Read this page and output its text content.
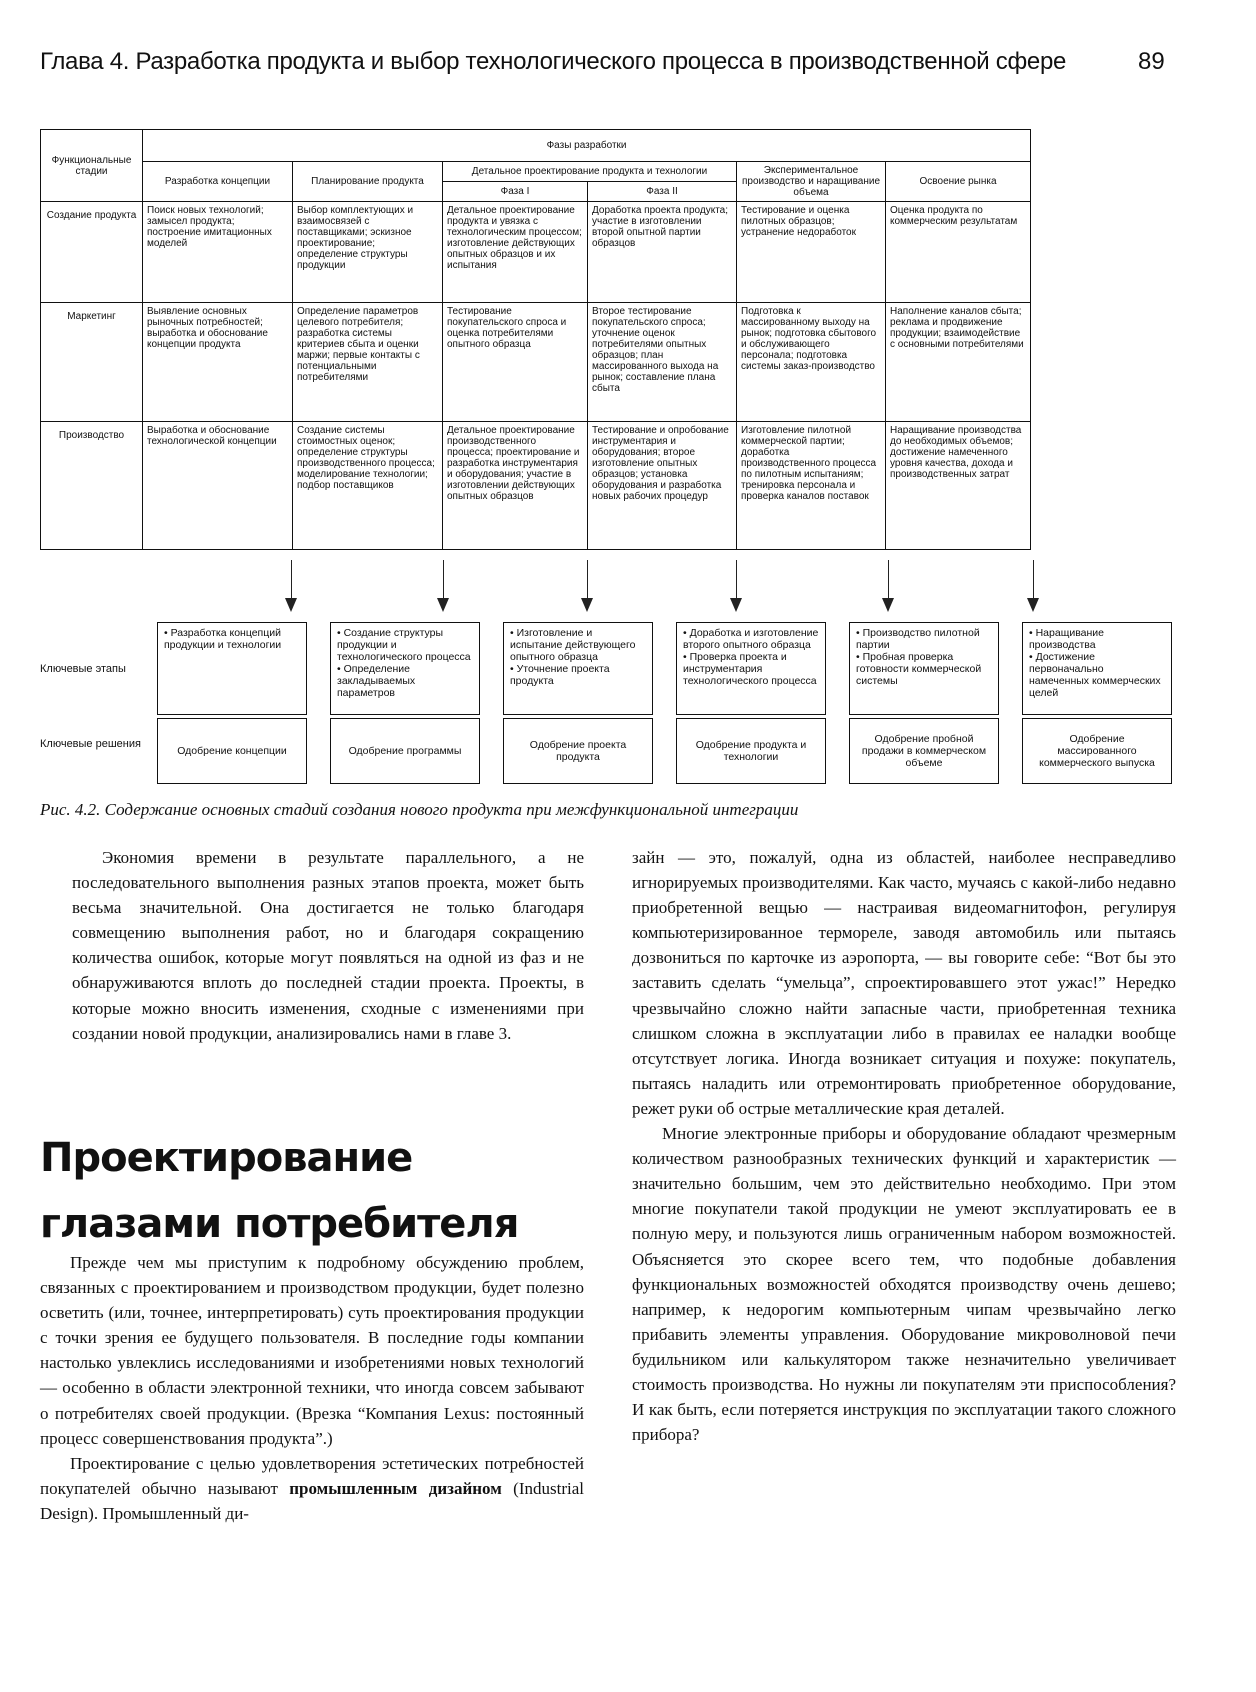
Глава 4. Разработка продукта и выбор технологического процесса в производственной сфере	89
Функциональные стадии	Фазы разработки					
	Разработка концепции	Планирование продукта	Детальное проектирование продукта и технологии		Экспериментальное производство и наращивание объема	Освоение рынка
			Фаза I	Фаза II		
Создание продукта	Поиск новых технологий; замысел продукта; построение имитационных моделей	Выбор комплектующих и взаимосвязей с поставщиками; эскизное проектирование; определение структуры продукции	Детальное проектирование продукта и увязка с технологическим процессом; изготовление действующих опытных образцов и их испытания	Доработка проекта продукта; участие в изготовлении второй опытной партии образцов	Тестирование и оценка пилотных образцов; устранение недоработок	Оценка продукта по коммерческим результатам
Маркетинг	Выявление основных рыночных потребностей; выработка и обоснование концепции продукта	Определение параметров целевого потребителя; разработка системы критериев сбыта и оценки маржи; первые контакты с потенциальными потребителями	Тестирование покупательского спроса и оценка потребителями опытного образца	Второе тестирование покупательского спроса; уточнение оценок потребителями опытных образцов; план массированного выхода на рынок; составление плана сбыта	Подготовка к массированному выходу на рынок; подготовка сбытового и обслуживающего персонала; подготовка системы заказ-производство	Наполнение каналов сбыта; реклама и продвижение продукции; взаимодействие с основными потребителями
Производство	Выработка и обоснование технологической концепции	Создание системы стоимостных оценок; определение структуры производственного процесса; моделирование технологии; подбор поставщиков	Детальное проектирование производственного процесса; проектирование и разработка инструментария и оборудования; участие в изготовлении действующих опытных образцов	Тестирование и опробование инструментария и оборудования; второе изготовление опытных образцов; установка оборудования и разработка новых рабочих процедур	Изготовление пилотной коммерческой партии; доработка производственного процесса по пилотным испытаниям; тренировка персонала и проверка каналов поставок	Наращивание производства до необходимых объемов; достижение намеченного уровня качества, дохода и производственных затрат
Ключевые этапы
Ключевые решения
• Разработка концепций продукции и технологии
• Создание структуры продукции и технологического процесса
• Определение закладываемых параметров
• Изготовление и испытание действующего опытного образца
• Уточнение проекта продукта
• Доработка и изготовление второго опытного образца
• Проверка проекта и инструментария технологического процесса
• Производство пилотной партии
• Пробная проверка готовности коммерческой системы
• Наращивание производства
• Достижение первоначально намеченных коммерческих целей
Одобрение концепции	Одобрение программы	Одобрение проекта продукта
Одобрение продукта и технологии
Одобрение пробной продажи в коммерческом объеме
Одобрение массированного коммерческого выпуска
Рис. 4.2. Содержание основных стадий создания нового продукта при межфункциональной интеграции

Экономия времени в результате параллельного, а не последовательного выполнения разных этапов проекта, может быть весьма значительной. Она достигается не только благодаря совмещению выполнения работ, но и благодаря сокращению количества ошибок, которые могут появляться на одной из фаз и не обнаруживаются вплоть до последней стадии проекта. Проекты, в которые можно вносить изменения, сходные с изменениями при создании новой продукции, анализировались нами в главе 3.

Проектирование глазами потребителя

Прежде чем мы приступим к подробному обсуждению проблем, связанных с проектированием и производством продукции, будет полезно осветить (или, точнее, интерпретировать) суть проектирования продукции с точки зрения ее будущего пользователя. В последние годы компании настолько увлеклись исследованиями и изобретениями новых технологий — особенно в области электронной техники, что иногда совсем забывают о потребителях своей продукции. (Врезка “Компания Lexus: постоянный процесс совершенствования продукта”.)

Проектирование с целью удовлетворения эстетических потребностей покупателей обычно называют промышленным дизайном (Industrial Design). Промышленный ди-

зайн — это, пожалуй, одна из областей, наиболее несправедливо игнорируемых производителями. Как часто, мучаясь с какой-либо недавно приобретенной вещью — настраивая видеомагнитофон, регулируя компьютеризированное термореле, заводя автомобиль или пытаясь дозвониться по карточке из аэропорта, — вы говорите себе: “Вот бы это заставить сделать “умельца”, спроектировавшего этот ужас!” Нередко чрезвычайно сложно найти запасные части, приобретенная техника слишком сложна в эксплуатации либо в правилах ее наладки вообще отсутствует логика. Иногда возникает ситуация и похуже: покупатель, пытаясь наладить или отремонтировать приобретенное оборудование, режет руки об острые металлические края деталей.

Многие электронные приборы и оборудование обладают чрезмерным количеством разнообразных технических функций и характеристик — значительно большим, чем это действительно необходимо. При этом многие покупатели такой продукции не умеют эксплуатировать ее в полную меру, и пользуются лишь ограниченным набором возможностей. Объясняется это скорее всего тем, что подобные добавления функциональных возможностей обходятся производству очень дешево; например, к недорогим компьютерным чипам чрезвычайно легко прибавить элементы управления. Оборудование микроволновой печи будильником или калькулятором также незначительно увеличивает стоимость производства. Но нужны ли покупателям эти приспособления? И как быть, если потеряется инструкция по эксплуатации такого сложного прибора?
